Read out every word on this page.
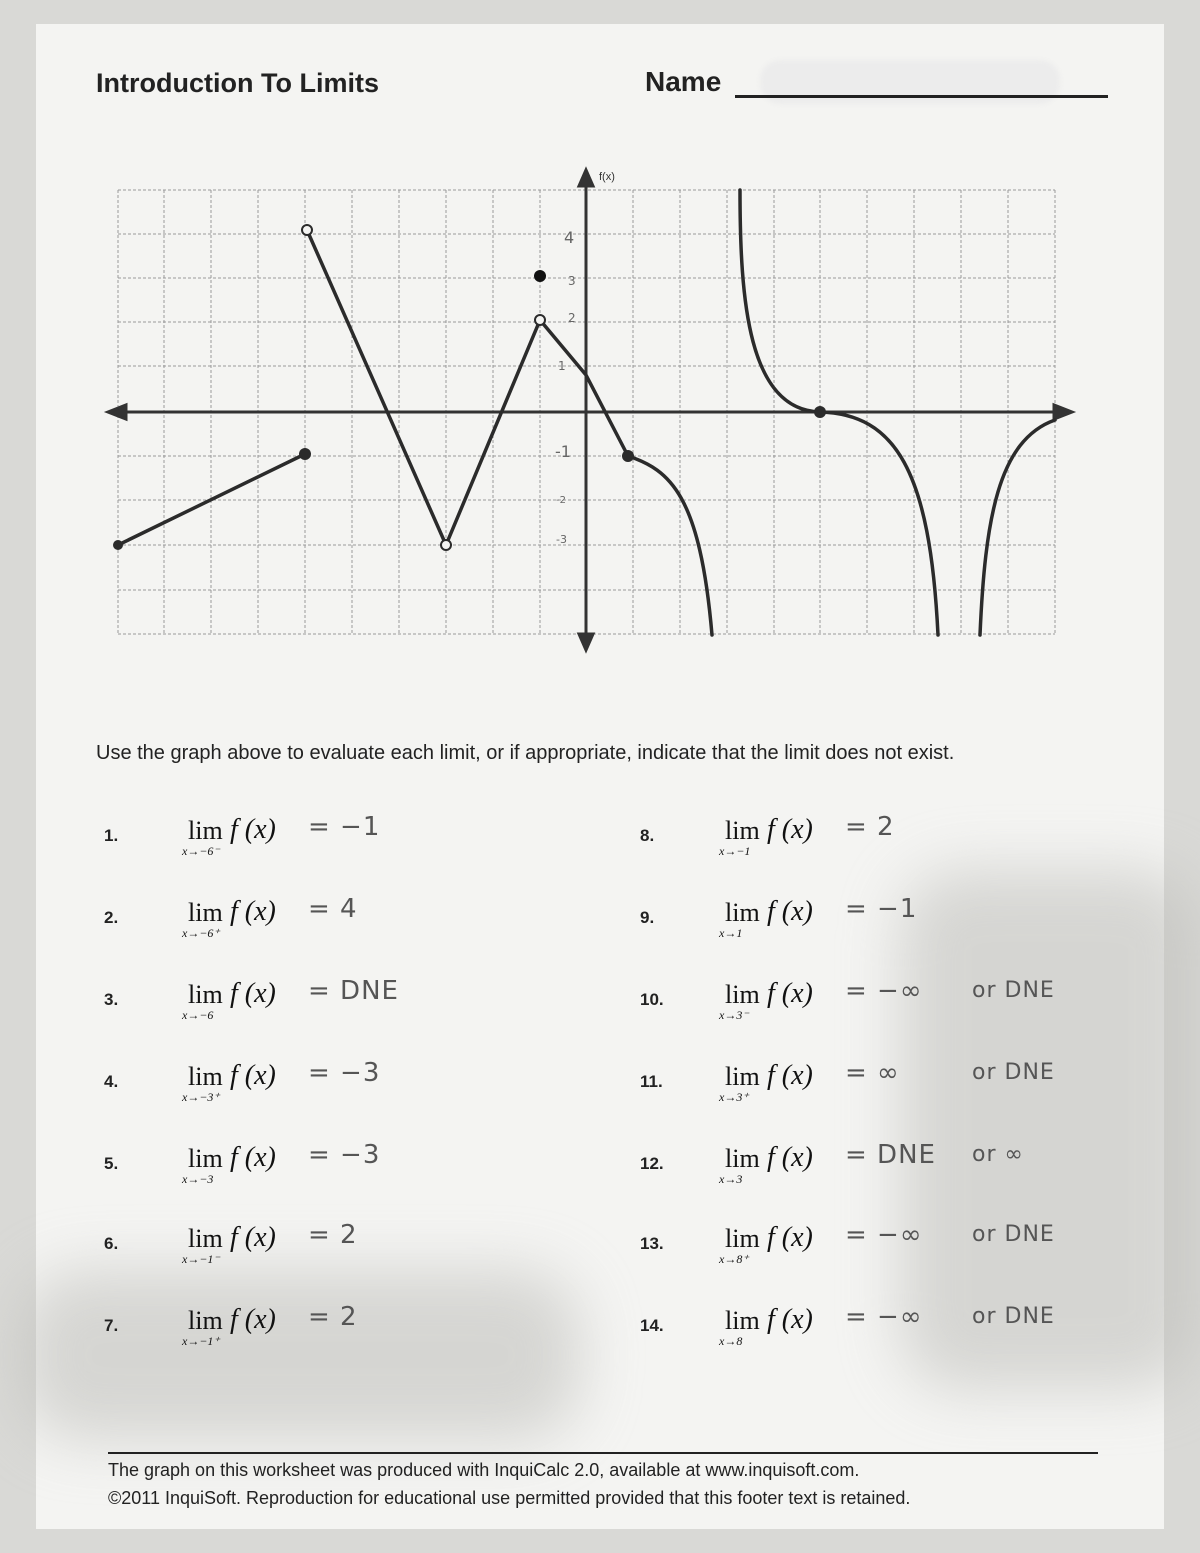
Introduction To Limits	Name
f(x)
4
3
2
1
-1
-2
-3
Use the graph above to evaluate each limit, or if appropriate, indicate that the limit does not exist.
1.	lim
x→−6⁻
f (x) = −1
2.	lim
x→−6⁺
f (x) = 4
3.	lim
x→−6
f (x) = DNE
4.	lim
x→−3⁺
f (x) = −3
5.	lim
x→−3
f (x) = −3
6.	lim
x→−1⁻
f (x) = 2
7.	lim
x→−1⁺
f (x) = 2
8.	lim
x→−1
f (x) = 2
9.	lim
x→1
f (x) = −1
10. lim
x→3⁻
f (x) = −∞ or DNE
11. lim
x→3⁺
f (x) = ∞	or DNE
12. lim
x→3
f (x) = DNE or ∞
13. lim
x→8⁺
f (x) = −∞ or DNE
14. lim
x→8
f (x) = −∞ or DNE
The graph on this worksheet was produced with InquiCalc 2.0, available at www.inquisoft.com.
©2011 InquiSoft. Reproduction for educational use permitted provided that this footer text is retained.
